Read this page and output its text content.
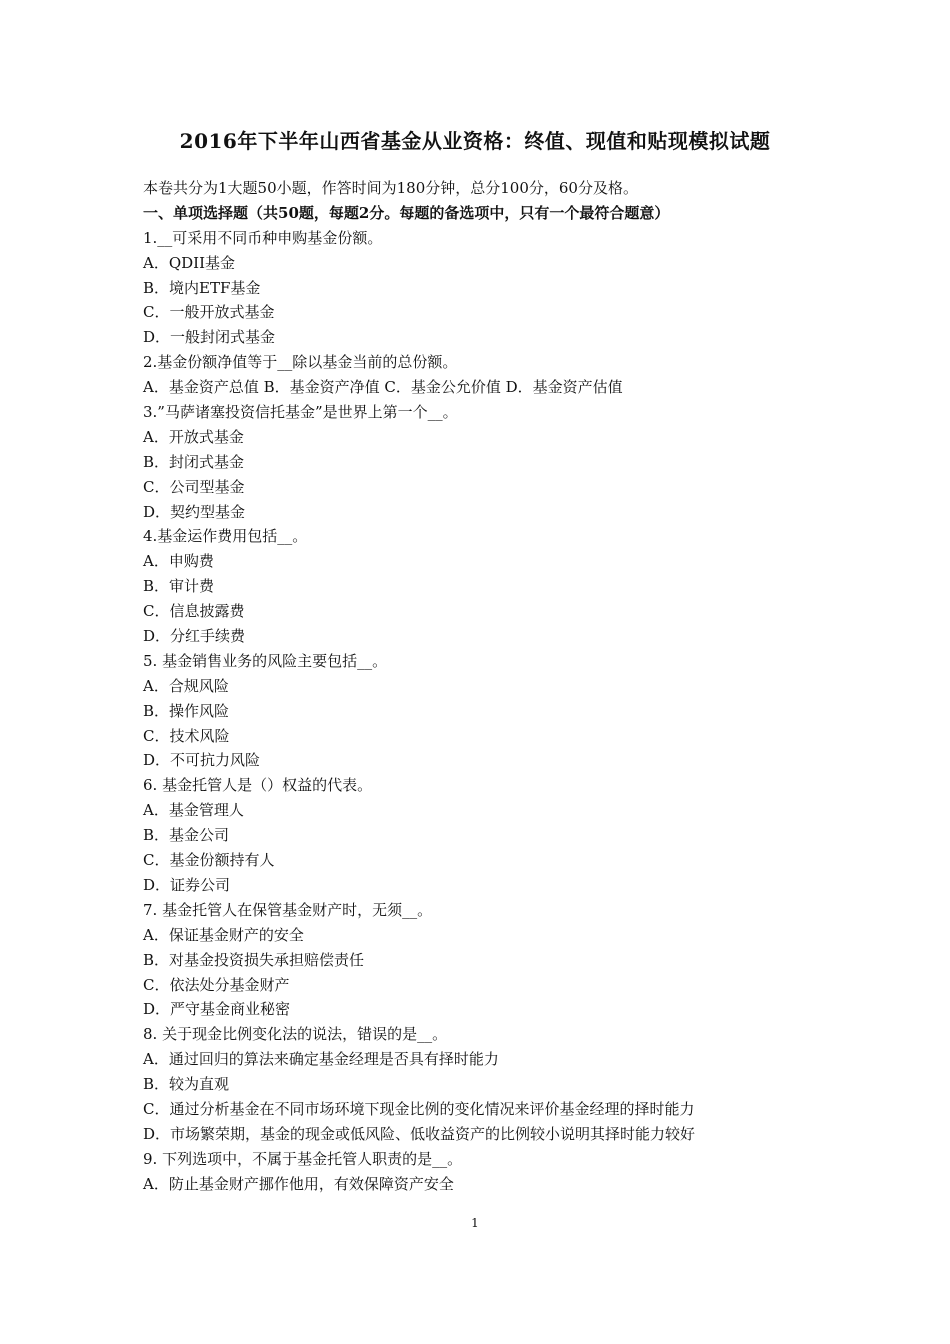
2016年下半年山西省基金从业资格：终值、现值和贴现模拟试题
本卷共分为1大题50小题，作答时间为180分钟，总分100分，60分及格。
一、单项选择题（共50题，每题2分。每题的备选项中，只有一个最符合题意）
1.__可采用不同币种申购基金份额。
A．QDII基金
B．境内ETF基金
C．一般开放式基金
D．一般封闭式基金
2.基金份额净值等于__除以基金当前的总份额。
A．基金资产总值 B．基金资产净值 C．基金公允价值 D．基金资产估值
3.”马萨诸塞投资信托基金”是世界上第一个__。
A．开放式基金
B．封闭式基金
C．公司型基金
D．契约型基金
4.基金运作费用包括__。
A．申购费
B．审计费
C．信息披露费
D．分红手续费
5. 基金销售业务的风险主要包括__。
A．合规风险
B．操作风险
C．技术风险
D．不可抗力风险
6. 基金托管人是（）权益的代表。
A．基金管理人
B．基金公司
C．基金份额持有人
D．证券公司
7. 基金托管人在保管基金财产时，无须__。
A．保证基金财产的安全
B．对基金投资损失承担赔偿责任
C．依法处分基金财产
D．严守基金商业秘密
8. 关于现金比例变化法的说法，错误的是__。
A．通过回归的算法来确定基金经理是否具有择时能力
B．较为直观
C．通过分析基金在不同市场环境下现金比例的变化情况来评价基金经理的择时能力
D．市场繁荣期，基金的现金或低风险、低收益资产的比例较小说明其择时能力较好
9. 下列选项中，不属于基金托管人职责的是__。
A．防止基金财产挪作他用，有效保障资产安全
1
